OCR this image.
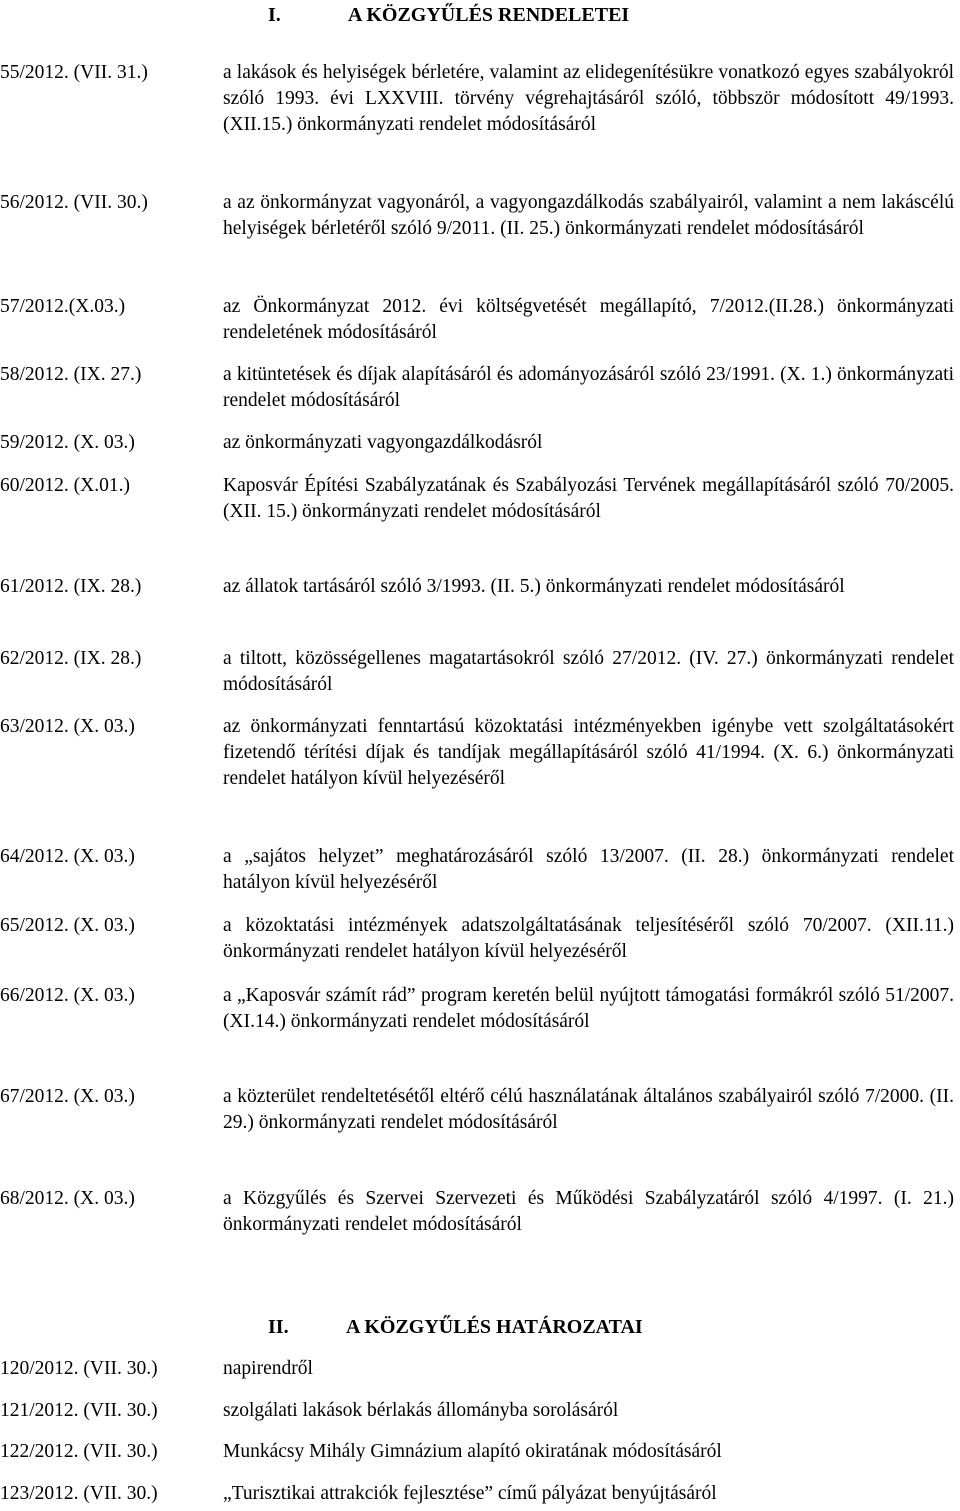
I.	A KÖZGYŰLÉS RENDELETEI
55/2012. (VII. 31.)	a lakások és helyiségek bérletére, valamint az elidegenítésükre vonatkozó egyes szabályokról szóló 1993. évi LXXVIII. törvény végrehajtásáról szóló, többször módosított 49/1993.(XII.15.) önkormányzati rendelet módosításáról
56/2012. (VII. 30.)	a az önkormányzat vagyonáról, a vagyongazdálkodás szabályairól, valamint a nem lakáscélú helyiségek bérletéről szóló 9/2011. (II. 25.) önkormányzati rendelet módosításáról
57/2012.(X.03.)	az Önkormányzat 2012. évi költségvetését megállapító, 7/2012.(II.28.) önkormányzati rendeletének módosításáról
58/2012. (IX. 27.)	a kitüntetések és díjak alapításáról és adományozásáról szóló 23/1991. (X. 1.) önkormányzati rendelet módosításáról
59/2012. (X. 03.)	az önkormányzati vagyongazdálkodásról
60/2012. (X.01.)	Kaposvár Építési Szabályzatának és Szabályozási Tervének megállapításáról szóló 70/2005. (XII. 15.) önkormányzati rendelet módosításáról
61/2012. (IX. 28.)	az állatok tartásáról szóló 3/1993. (II. 5.) önkormányzati rendelet módosításáról
62/2012. (IX. 28.)	a tiltott, közösségellenes magatartásokról szóló 27/2012. (IV. 27.) önkormányzati rendelet módosításáról
63/2012. (X. 03.)	az önkormányzati fenntartású közoktatási intézményekben igénybe vett szolgáltatásokért fizetendő térítési díjak és tandíjak megállapításáról szóló 41/1994. (X. 6.) önkormányzati rendelet hatályon kívül helyezéséről
64/2012. (X. 03.)	a „sajátos helyzet” meghatározásáról szóló 13/2007. (II. 28.) önkormányzati rendelet hatályon kívül helyezéséről
65/2012. (X. 03.)	a közoktatási intézmények adatszolgáltatásának teljesítéséről szóló 70/2007. (XII.11.) önkormányzati rendelet hatályon kívül helyezéséről
66/2012. (X. 03.)	a „Kaposvár számít rád” program keretén belül nyújtott támogatási formákról szóló 51/2007.(XI.14.) önkormányzati rendelet módosításáról
67/2012. (X. 03.)	a közterület rendeltetésétől eltérő célú használatának általános szabályairól szóló 7/2000. (II. 29.) önkormányzati rendelet módosításáról
68/2012. (X. 03.)	a Közgyűlés és Szervei Szervezeti és Működési Szabályzatáról szóló 4/1997. (I. 21.) önkormányzati rendelet módosításáról
II.	A KÖZGYŰLÉS HATÁROZATAI
120/2012. (VII. 30.)	napirendről
121/2012. (VII. 30.)	szolgálati lakások bérlakás állományba sorolásáról
122/2012. (VII. 30.)	Munkácsy Mihály Gimnázium alapító okiratának módosításáról
123/2012. (VII. 30.)	„Turisztikai attrakciók fejlesztése” című pályázat benyújtásáról
